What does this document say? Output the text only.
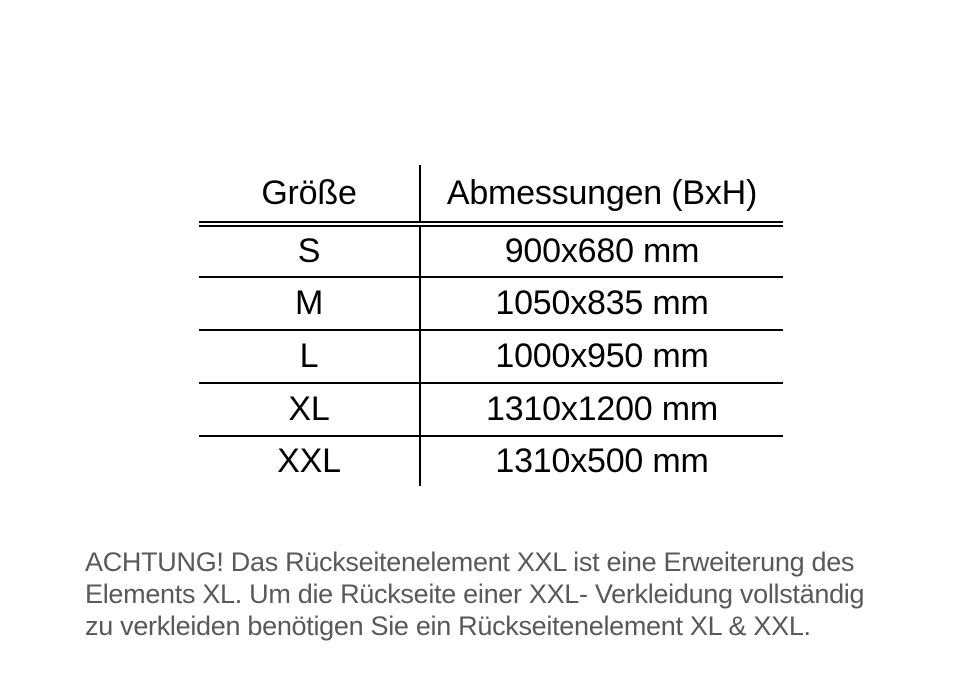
Größe	Abmessungen (BxH)
S	900x680 mm
M	1050x835 mm
L	1000x950 mm
XL	1310x1200 mm
XXL	1310x500 mm
ACHTUNG! Das Rückseitenelement XXL ist eine Erweiterung des
Elements XL. Um die Rückseite einer XXL- Verkleidung vollständig
zu verkleiden benötigen Sie ein Rückseitenelement XL & XXL.
